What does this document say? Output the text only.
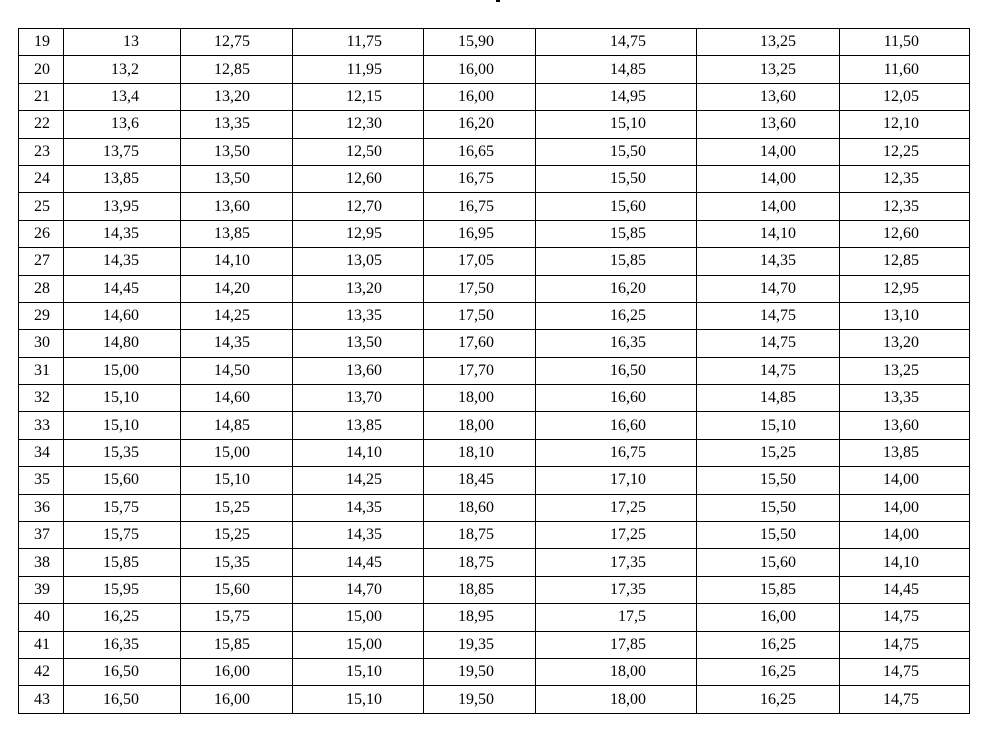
19	13	12,75	11,75	15,90	14,75	13,25	11,50
20	13,2	12,85	11,95	16,00	14,85	13,25	11,60
21	13,4	13,20	12,15	16,00	14,95	13,60	12,05
22	13,6	13,35	12,30	16,20	15,10	13,60	12,10
23	13,75	13,50	12,50	16,65	15,50	14,00	12,25
24	13,85	13,50	12,60	16,75	15,50	14,00	12,35
25	13,95	13,60	12,70	16,75	15,60	14,00	12,35
26	14,35	13,85	12,95	16,95	15,85	14,10	12,60
27	14,35	14,10	13,05	17,05	15,85	14,35	12,85
28	14,45	14,20	13,20	17,50	16,20	14,70	12,95
29	14,60	14,25	13,35	17,50	16,25	14,75	13,10
30	14,80	14,35	13,50	17,60	16,35	14,75	13,20
31	15,00	14,50	13,60	17,70	16,50	14,75	13,25
32	15,10	14,60	13,70	18,00	16,60	14,85	13,35
33	15,10	14,85	13,85	18,00	16,60	15,10	13,60
34	15,35	15,00	14,10	18,10	16,75	15,25	13,85
35	15,60	15,10	14,25	18,45	17,10	15,50	14,00
36	15,75	15,25	14,35	18,60	17,25	15,50	14,00
37	15,75	15,25	14,35	18,75	17,25	15,50	14,00
38	15,85	15,35	14,45	18,75	17,35	15,60	14,10
39	15,95	15,60	14,70	18,85	17,35	15,85	14,45
40	16,25	15,75	15,00	18,95	17,5	16,00	14,75
41	16,35	15,85	15,00	19,35	17,85	16,25	14,75
42	16,50	16,00	15,10	19,50	18,00	16,25	14,75
43	16,50	16,00	15,10	19,50	18,00	16,25	14,75
